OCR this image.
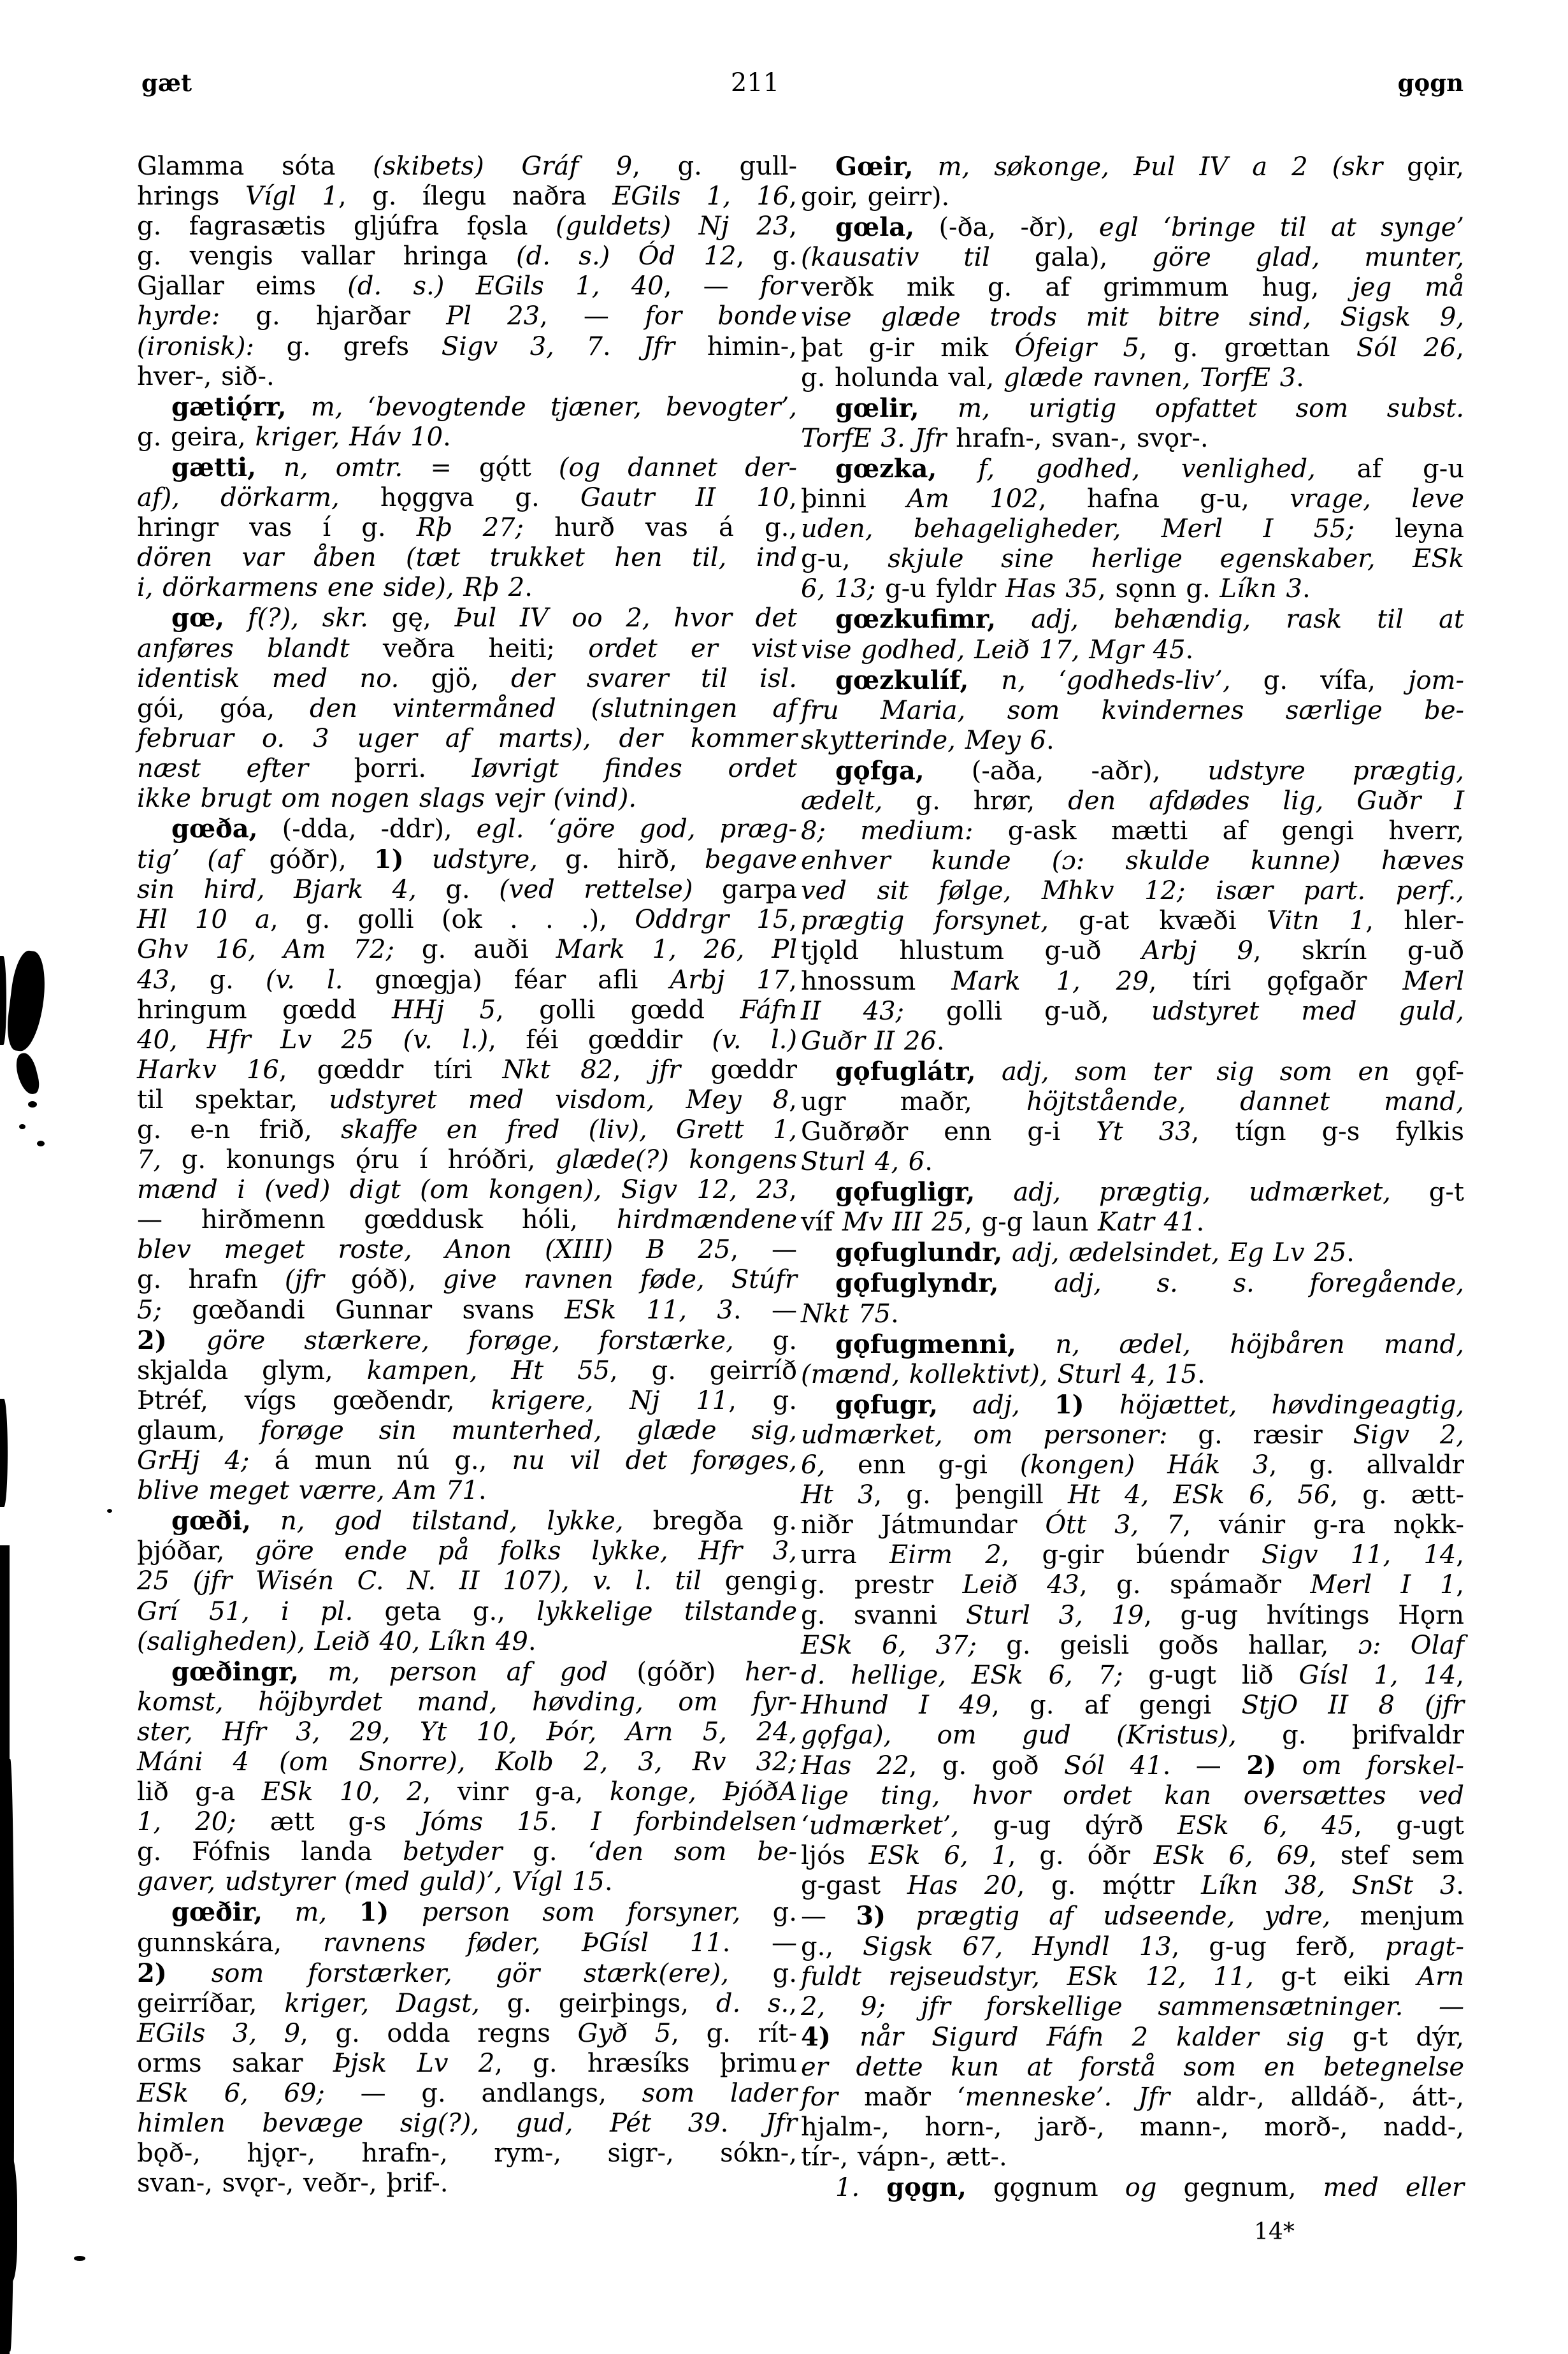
gæt	211	gǫgn
Glamma sóta (skibets) Gráf 9, g. gull-
hrings Vígl 1, g. ílegu naðra EGils 1, 16,
g. fagrasætis gljúfra fǫsla (guldets) Nj 23,
g. vengis vallar hringa (d. s.) Ód 12, g.
Gjallar eims (d. s.) EGils 1, 40, — for
hyrde: g. hjarðar Pl 23, — for bonde
(ironisk): g. grefs Sigv 3, 7. Jfr himin-,
hver-, sið-.
gætiǫ́rr, m, ‘bevogtende tjæner, bevogter’,
g. geira, kriger, Háv 10.
gætti, n, omtr. = gǫ́tt (og dannet der-
af), dörkarm, hǫggva g. Gautr II 10,
hringr vas í g. Rþ 27; hurð vas á g.,
dören var åben (tæt trukket hen til, ind
i, dörkarmens ene side), Rþ 2.
gœ, f(?), skr. gę, Þul IV oo 2, hvor det
anføres blandt veðra heiti; ordet er vist
identisk med no. gjö, der svarer til isl.
gói, góa, den vintermåned (slutningen af
februar o. 3 uger af marts), der kommer
næst efter þorri. Iøvrigt findes ordet
ikke brugt om nogen slags vejr (vind).
gœða, (-dda, -ddr), egl. ‘göre god, præg-
tig’ (af góðr), 1) udstyre, g. hirð, begave
sin hird, Bjark 4, g. (ved rettelse) garpa
Hl 10 a, g. golli (ok . . .), Oddrgr 15,
Ghv 16, Am 72; g. auði Mark 1, 26, Pl
43, g. (v. l. gnœgja) féar afli Arbj 17,
hringum gœdd HHj 5, golli gœdd Fáfn
40, Hfr Lv 25 (v. l.), féi gœddir (v. l.)
Harkv 16, gœddr tíri Nkt 82, jfr gœddr
til spektar, udstyret med visdom, Mey 8,
g. e-n frið, skaffe en fred (liv), Grett 1,
7, g. konungs ǫ́ru í hróðri, glæde(?) kongens
mænd i (ved) digt (om kongen), Sigv 12, 23,
— hirðmenn gœddusk hóli, hirdmændene
blev meget roste, Anon (XIII) B 25, —
g. hrafn (jfr góð), give ravnen føde, Stúfr
5; gœðandi Gunnar svans ESk 11, 3. —
2) göre stærkere, forøge, forstærke, g.
skjalda glym, kampen, Ht 55, g. geirríð
Þtréf, vígs gœðendr, krigere, Nj 11, g.
glaum, forøge sin munterhed, glæde sig,
GrHj 4; á mun nú g., nu vil det forøges,
blive meget værre, Am 71.
gœði, n, god tilstand, lykke, bregða g.
þjóðar, göre ende på folks lykke, Hfr 3,
25 (jfr Wisén C. N. II 107), v. l. til gengi
Grí 51, i pl. geta g., lykkelige tilstande
(saligheden), Leið 40, Líkn 49.
gœðingr, m, person af god (góðr) her-
komst, höjbyrdet mand, høvding, om fyr-
ster, Hfr 3, 29, Yt 10, Þór, Arn 5, 24,
Máni 4 (om Snorre), Kolb 2, 3, Rv 32;
lið g-a ESk 10, 2, vinr g-a, konge, ÞjóðA
1, 20; ætt g-s Jóms 15. I forbindelsen
g. Fófnis landa betyder g. ‘den som be-
gaver, udstyrer (med guld)’, Vígl 15.
gœðir, m, 1) person som forsyner, g.
gunnskára, ravnens føder, ÞGísl 11. —
2) som forstærker, gör stærk(ere), g.
geirríðar, kriger, Dagst, g. geirþings, d. s.,
EGils 3, 9, g. odda regns Gyð 5, g. rít-
orms sakar Þjsk Lv 2, g. hræsíks þrimu
ESk 6, 69; — g. andlangs, som lader
himlen bevæge sig(?), gud, Pét 39. Jfr
bǫð-, hjǫr-, hrafn-, rym-, sigr-, sókn-,
svan-, svǫr-, veðr-, þrif-.
Gœir, m, søkonge, Þul IV a 2 (skr gǫir,
goir, geirr).
gœla, (-ða, -ðr), egl ‘bringe til at synge’
(kausativ til gala), göre glad, munter,
verðk mik g. af grimmum hug, jeg må
vise glæde trods mit bitre sind, Sigsk 9,
þat g-ir mik Ófeigr 5, g. grœttan Sól 26,
g. holunda val, glæde ravnen, TorfE 3.
gœlir, m, urigtig opfattet som subst.
TorfE 3. Jfr hrafn-, svan-, svǫr-.
gœzka, f, godhed, venlighed, af g-u
þinni Am 102, hafna g-u, vrage, leve
uden, behageligheder, Merl I 55; leyna
g-u, skjule sine herlige egenskaber, ESk
6, 13; g-u fyldr Has 35, sǫnn g. Líkn 3.
gœzkufimr, adj, behændig, rask til at
vise godhed, Leið 17, Mgr 45.
gœzkulíf, n, ‘godheds-liv’, g. vífa, jom-
fru Maria, som kvindernes særlige be-
skytterinde, Mey 6.
gǫfga, (-aða, -aðr), udstyre prægtig,
ædelt, g. hrør, den afdødes lig, Guðr I
8; medium: g-ask mætti af gengi hverr,
enhver kunde (ɔ: skulde kunne) hæves
ved sit følge, Mhkv 12; især part. perf.,
prægtig forsynet, g-at kvæði Vitn 1, hler-
tjǫld hlustum g-uð Arbj 9, skrín g-uð
hnossum Mark 1, 29, tíri gǫfgaðr Merl
II 43; golli g-uð, udstyret med guld,
Guðr II 26.
gǫfuglátr, adj, som ter sig som en gǫf-
ugr maðr, höjtstående, dannet mand,
Guðrøðr enn g-i Yt 33, tígn g-s fylkis
Sturl 4, 6.
gǫfugligr, adj, prægtig, udmærket, g-t
víf Mv III 25, g-g laun Katr 41.
gǫfuglundr, adj, ædelsindet, Eg Lv 25.
gǫfuglyndr, adj, s. s. foregående,
Nkt 75.
gǫfugmenni, n, ædel, höjbåren mand,
(mænd, kollektivt), Sturl 4, 15.
gǫfugr, adj, 1) höjættet, høvdingeagtig,
udmærket, om personer: g. ræsir Sigv 2,
6, enn g-gi (kongen) Hák 3, g. allvaldr
Ht 3, g. þengill Ht 4, ESk 6, 56, g. ætt-
niðr Játmundar Ótt 3, 7, vánir g-ra nǫkk-
urra Eirm 2, g-gir búendr Sigv 11, 14,
g. prestr Leið 43, g. spámaðr Merl I 1,
g. svanni Sturl 3, 19, g-ug hvítings Hǫrn
ESk 6, 37; g. geisli goðs hallar, ɔ: Olaf
d. hellige, ESk 6, 7; g-ugt lið Gísl 1, 14,
Hhund I 49, g. af gengi StjO II 8 (jfr
gǫfga), om gud (Kristus), g. þrifvaldr
Has 22, g. goð Sól 41. — 2) om forskel-
lige ting, hvor ordet kan oversættes ved
‘udmærket’, g-ug dýrð ESk 6, 45, g-ugt
ljós ESk 6, 1, g. óðr ESk 6, 69, stef sem
g-gast Has 20, g. mǫ́ttr Líkn 38, SnSt 3.
— 3) prægtig af udseende, ydre, menjum
g., Sigsk 67, Hyndl 13, g-ug ferð, pragt-
fuldt rejseudstyr, ESk 12, 11, g-t eiki Arn
2, 9; jfr forskellige sammensætninger. —
4) når Sigurd Fáfn 2 kalder sig g-t dýr,
er dette kun at forstå som en betegnelse
for maðr ‘menneske’. Jfr aldr-, alldáð-, átt-,
hjalm-, horn-, jarð-, mann-, morð-, nadd-,
tír-, vápn-, ætt-.
1. gǫgn, gǫgnum og gegnum, med eller
14*
